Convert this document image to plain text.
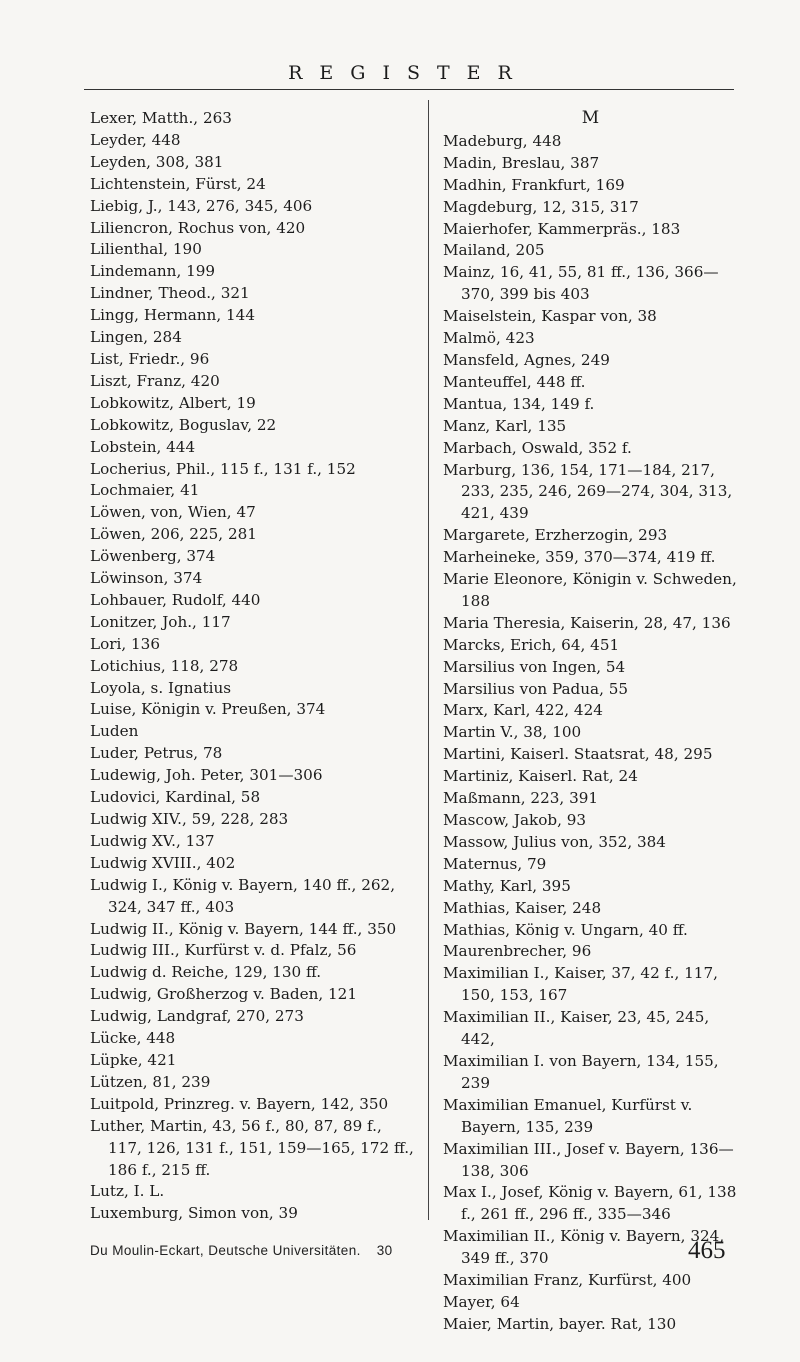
REGISTER
Lexer, Matth., 263
Leyder, 448
Leyden, 308, 381
Lichtenstein, Fürst, 24
Liebig, J., 143, 276, 345, 406
Liliencron, Rochus von, 420
Lilienthal, 190
Lindemann, 199
Lindner, Theod., 321
Lingg, Hermann, 144
Lingen, 284
List, Friedr., 96
Liszt, Franz, 420
Lobkowitz, Albert, 19
Lobkowitz, Boguslav, 22
Lobstein, 444
Locherius, Phil., 115 f., 131 f., 152
Lochmaier, 41
Löwen, von, Wien, 47
Löwen, 206, 225, 281
Löwenberg, 374
Löwinson, 374
Lohbauer, Rudolf, 440
Lonitzer, Joh., 117
Lori, 136
Lotichius, 118, 278
Loyola, s. Ignatius
Luise, Königin v. Preußen, 374
Luden
Luder, Petrus, 78
Ludewig, Joh. Peter, 301—306
Ludovici, Kardinal, 58
Ludwig XIV., 59, 228, 283
Ludwig XV., 137
Ludwig XVIII., 402
Ludwig I., König v. Bayern, 140 ff., 262, 324, 347 ff., 403
Ludwig II., König v. Bayern, 144 ff., 350
Ludwig III., Kurfürst v. d. Pfalz, 56
Ludwig d. Reiche, 129, 130 ff.
Ludwig, Großherzog v. Baden, 121
Ludwig, Landgraf, 270, 273
Lücke, 448
Lüpke, 421
Lützen, 81, 239
Luitpold, Prinzreg. v. Bayern, 142, 350
Luther, Martin, 43, 56 f., 80, 87, 89 f., 117, 126, 131 f., 151, 159—165, 172 ff., 186 f., 215 ff.
Lutz, I. L.
Luxemburg, Simon von, 39
M
Madeburg, 448
Madin, Breslau, 387
Madhin, Frankfurt, 169
Magdeburg, 12, 315, 317
Maierhofer, Kammerpräs., 183
Mailand, 205
Mainz, 16, 41, 55, 81 ff., 136, 366—370, 399 bis 403
Maiselstein, Kaspar von, 38
Malmö, 423
Mansfeld, Agnes, 249
Manteuffel, 448 ff.
Mantua, 134, 149 f.
Manz, Karl, 135
Marbach, Oswald, 352 f.
Marburg, 136, 154, 171—184, 217, 233, 235, 246, 269—274, 304, 313, 421, 439
Margarete, Erzherzogin, 293
Marheineke, 359, 370—374, 419 ff.
Marie Eleonore, Königin v. Schweden, 188
Maria Theresia, Kaiserin, 28, 47, 136
Marcks, Erich, 64, 451
Marsilius von Ingen, 54
Marsilius von Padua, 55
Marx, Karl, 422, 424
Martin V., 38, 100
Martini, Kaiserl. Staatsrat, 48, 295
Martiniz, Kaiserl. Rat, 24
Maßmann, 223, 391
Mascow, Jakob, 93
Massow, Julius von, 352, 384
Maternus, 79
Mathy, Karl, 395
Mathias, Kaiser, 248
Mathias, König v. Ungarn, 40 ff.
Maurenbrecher, 96
Maximilian I., Kaiser, 37, 42 f., 117, 150, 153, 167
Maximilian II., Kaiser, 23, 45, 245, 442,
Maximilian I. von Bayern, 134, 155, 239
Maximilian Emanuel, Kurfürst v. Bayern, 135, 239
Maximilian III., Josef v. Bayern, 136—138, 306
Max I., Josef, König v. Bayern, 61, 138 f., 261 ff., 296 ff., 335—346
Maximilian II., König v. Bayern, 324, 349 ff., 370
Maximilian Franz, Kurfürst, 400
Mayer, 64
Maier, Martin, bayer. Rat, 130
Du Moulin-Eckart, Deutsche Universitäten. 30	465
